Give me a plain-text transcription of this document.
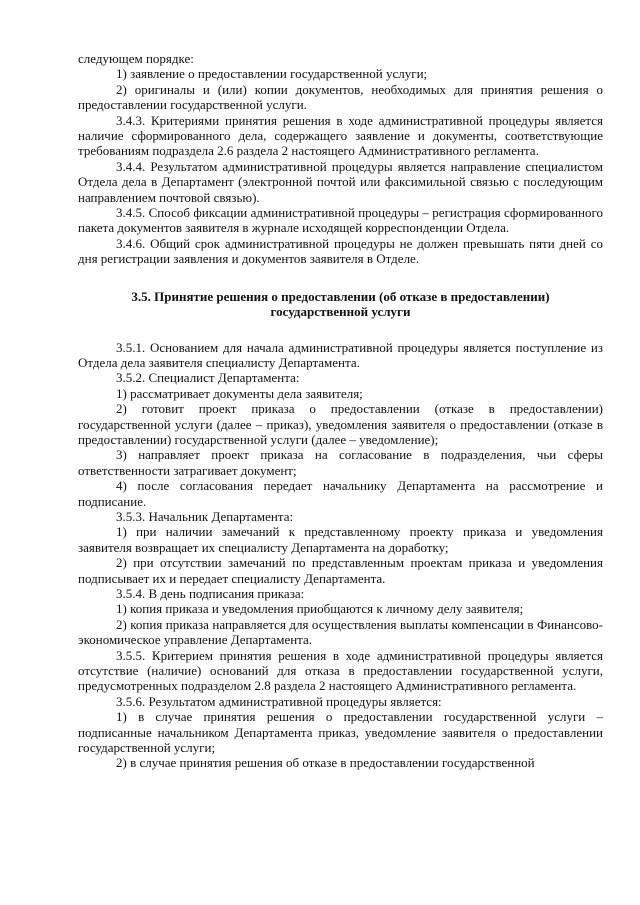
следующем порядке:

1) заявление о предоставлении государственной услуги;

2) оригиналы и (или) копии документов, необходимых для принятия решения о предоставлении государственной услуги.

3.4.3. Критериями принятия решения в ходе административной процедуры является наличие сформированного дела, содержащего заявление и документы, соответствующие требованиям подраздела 2.6 раздела 2 настоящего Административного регламента.

3.4.4. Результатом административной процедуры является направление специалистом Отдела дела в Департамент (электронной почтой или факсимильной связью с последующим направлением почтовой связью).

3.4.5. Способ фиксации административной процедуры – регистрация сформированного пакета документов заявителя в журнале исходящей корреспонденции Отдела.

3.4.6. Общий срок административной процедуры не должен превышать пяти дней со дня регистрации заявления и документов заявителя в Отделе.

3.5. Принятие решения о предоставлении (об отказе в предоставлении)
государственной услуги

3.5.1. Основанием для начала административной процедуры является поступление из Отдела дела заявителя специалисту Департамента.

3.5.2. Специалист Департамента:

1) рассматривает документы дела заявителя;

2) готовит проект приказа о предоставлении (отказе в предоставлении) государственной услуги (далее – приказ), уведомления заявителя о предоставлении (отказе в предоставлении) государственной услуги (далее – уведомление);

3) направляет проект приказа на согласование в подразделения, чьи сферы ответственности затрагивает документ;

4) после согласования передает начальнику Департамента на рассмотрение и подписание.

3.5.3. Начальник Департамента:

1) при наличии замечаний к представленному проекту приказа и уведомления заявителя возвращает их специалисту Департамента на доработку;

2) при отсутствии замечаний по представленным проектам приказа и уведомления подписывает их и передает специалисту Департамента.

3.5.4. В день подписания приказа:

1) копия приказа и уведомления приобщаются к личному делу заявителя;

2) копия приказа направляется для осуществления выплаты компенсации в Финансово-экономическое управление Департамента.

3.5.5. Критерием принятия решения в ходе административной процедуры является отсутствие (наличие) оснований для отказа в предоставлении государственной услуги, предусмотренных подразделом 2.8 раздела 2 настоящего Административного регламента.

3.5.6. Результатом административной процедуры является:

1) в случае принятия решения о предоставлении государственной услуги – подписанные начальником Департамента приказ, уведомление заявителя о предоставлении государственной услуги;

2) в случае принятия решения об отказе в предоставлении государственной
